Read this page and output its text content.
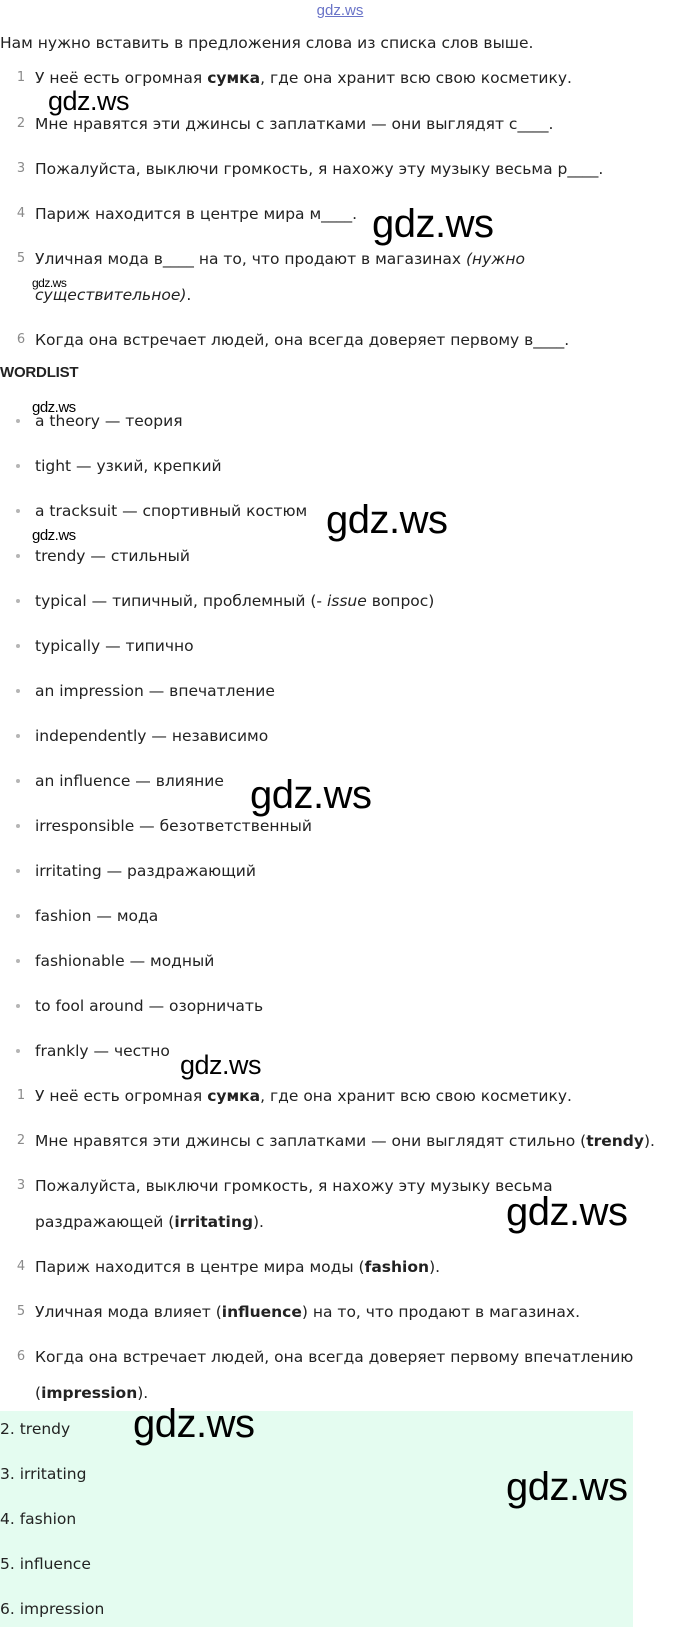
gdz.ws
Нам нужно вставить в предложения слова из списка слов выше.
1 У неё есть огромная сумка, где она хранит всю свою косметику.
2 Мне нравятся эти джинсы с заплатками — они выглядят с____.
3 Пожалуйста, выключи громкость, я нахожу эту музыку весьма р____.
4 Париж находится в центре мира м____.
5 Уличная мода в____ на то, что продают в магазинах (нужно существительное).
6 Когда она встречает людей, она всегда доверяет первому в____.
WORDLIST
a theory — теория
tight — узкий, крепкий
a tracksuit — спортивный костюм
trendy — стильный
typical — типичный, проблемный (- issue вопрос)
typically — типично
an impression — впечатление
independently — независимо
an influence — влияние
irresponsible — безответственный
irritating — раздражающий
fashion — мода
fashionable — модный
to fool around — озорничать
frankly — честно
1 У неё есть огромная сумка, где она хранит всю свою косметику.
2 Мне нравятся эти джинсы с заплатками — они выглядят стильно (trendy).
3 Пожалуйста, выключи громкость, я нахожу эту музыку весьма раздражающей (irritating).
4 Париж находится в центре мира моды (fashion).
5 Уличная мода влияет (influence) на то, что продают в магазинах.
6 Когда она встречает людей, она всегда доверяет первому впечатлению (impression).
2. trendy
3. irritating
4. fashion
5. influence
6. impression
gdz.ws
gdz.ws
gdz.ws
gdz.ws
gdz.ws
gdz.ws
gdz.ws
gdz.ws
gdz.ws
gdz.ws
gdz.ws
